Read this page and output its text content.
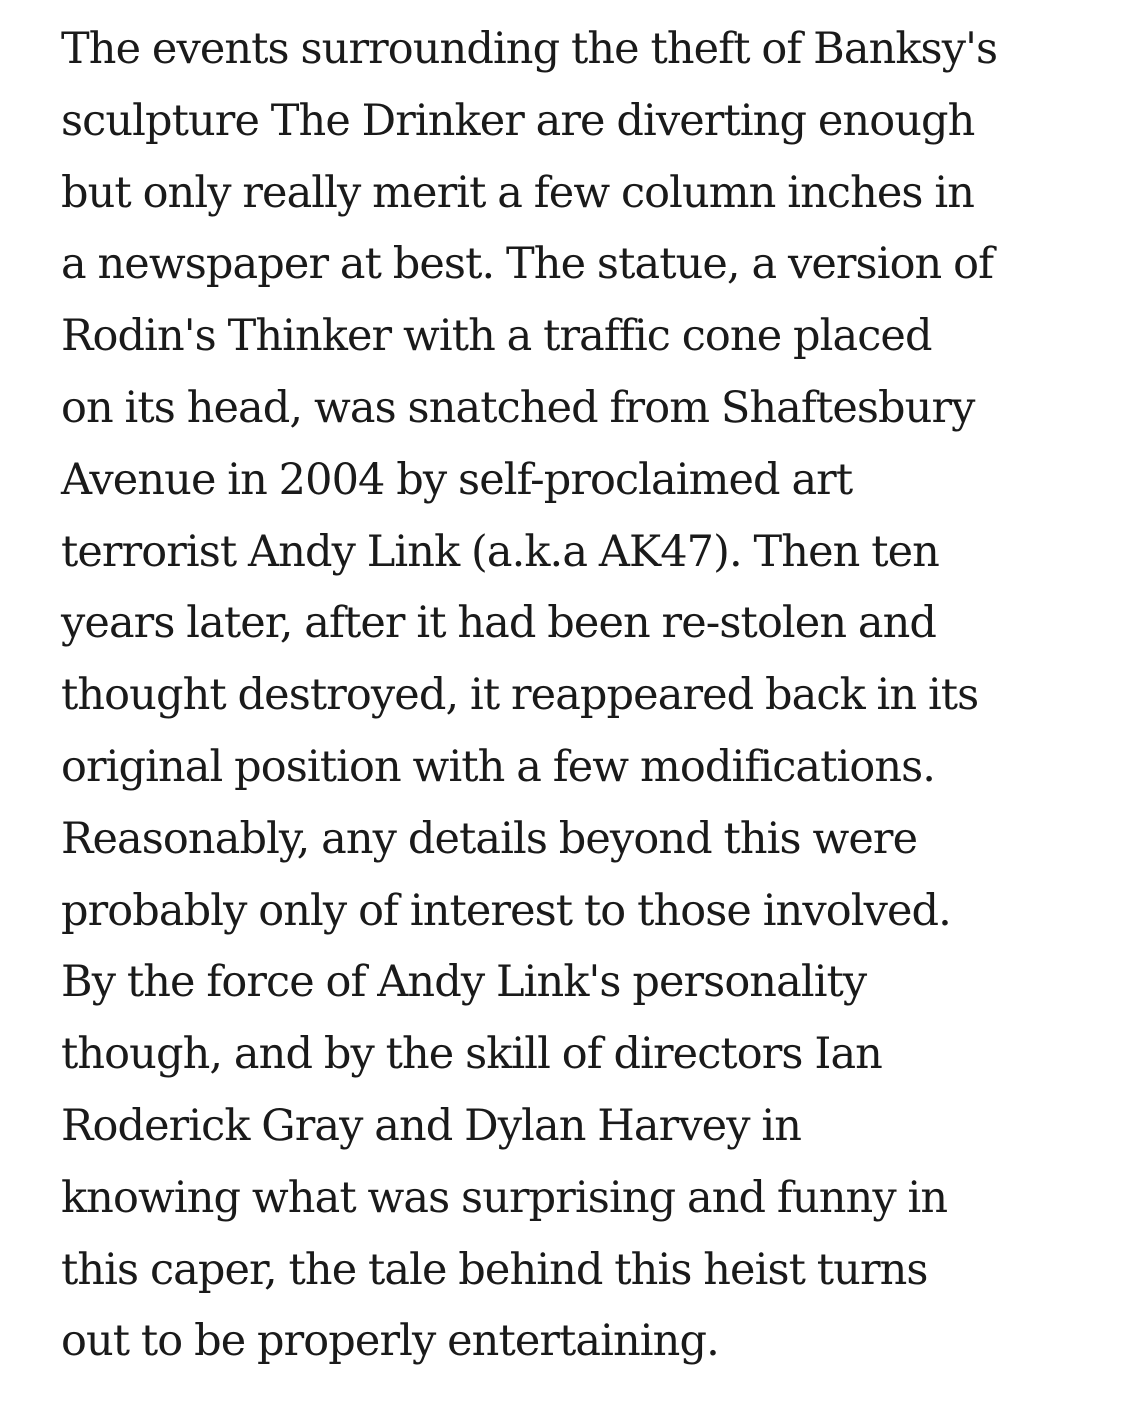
The events surrounding the theft of Banksy's
sculpture The Drinker are diverting enough
but only really merit a few column inches in
a newspaper at best. The statue, a version of
Rodin's Thinker with a traffic cone placed
on its head, was snatched from Shaftesbury
Avenue in 2004 by self-proclaimed art
terrorist Andy Link (a.k.a AK47). Then ten
years later, after it had been re-stolen and
thought destroyed, it reappeared back in its
original position with a few modifications.
Reasonably, any details beyond this were
probably only of interest to those involved.
By the force of Andy Link's personality
though, and by the skill of directors Ian
Roderick Gray and Dylan Harvey in
knowing what was surprising and funny in
this caper, the tale behind this heist turns
out to be properly entertaining.
